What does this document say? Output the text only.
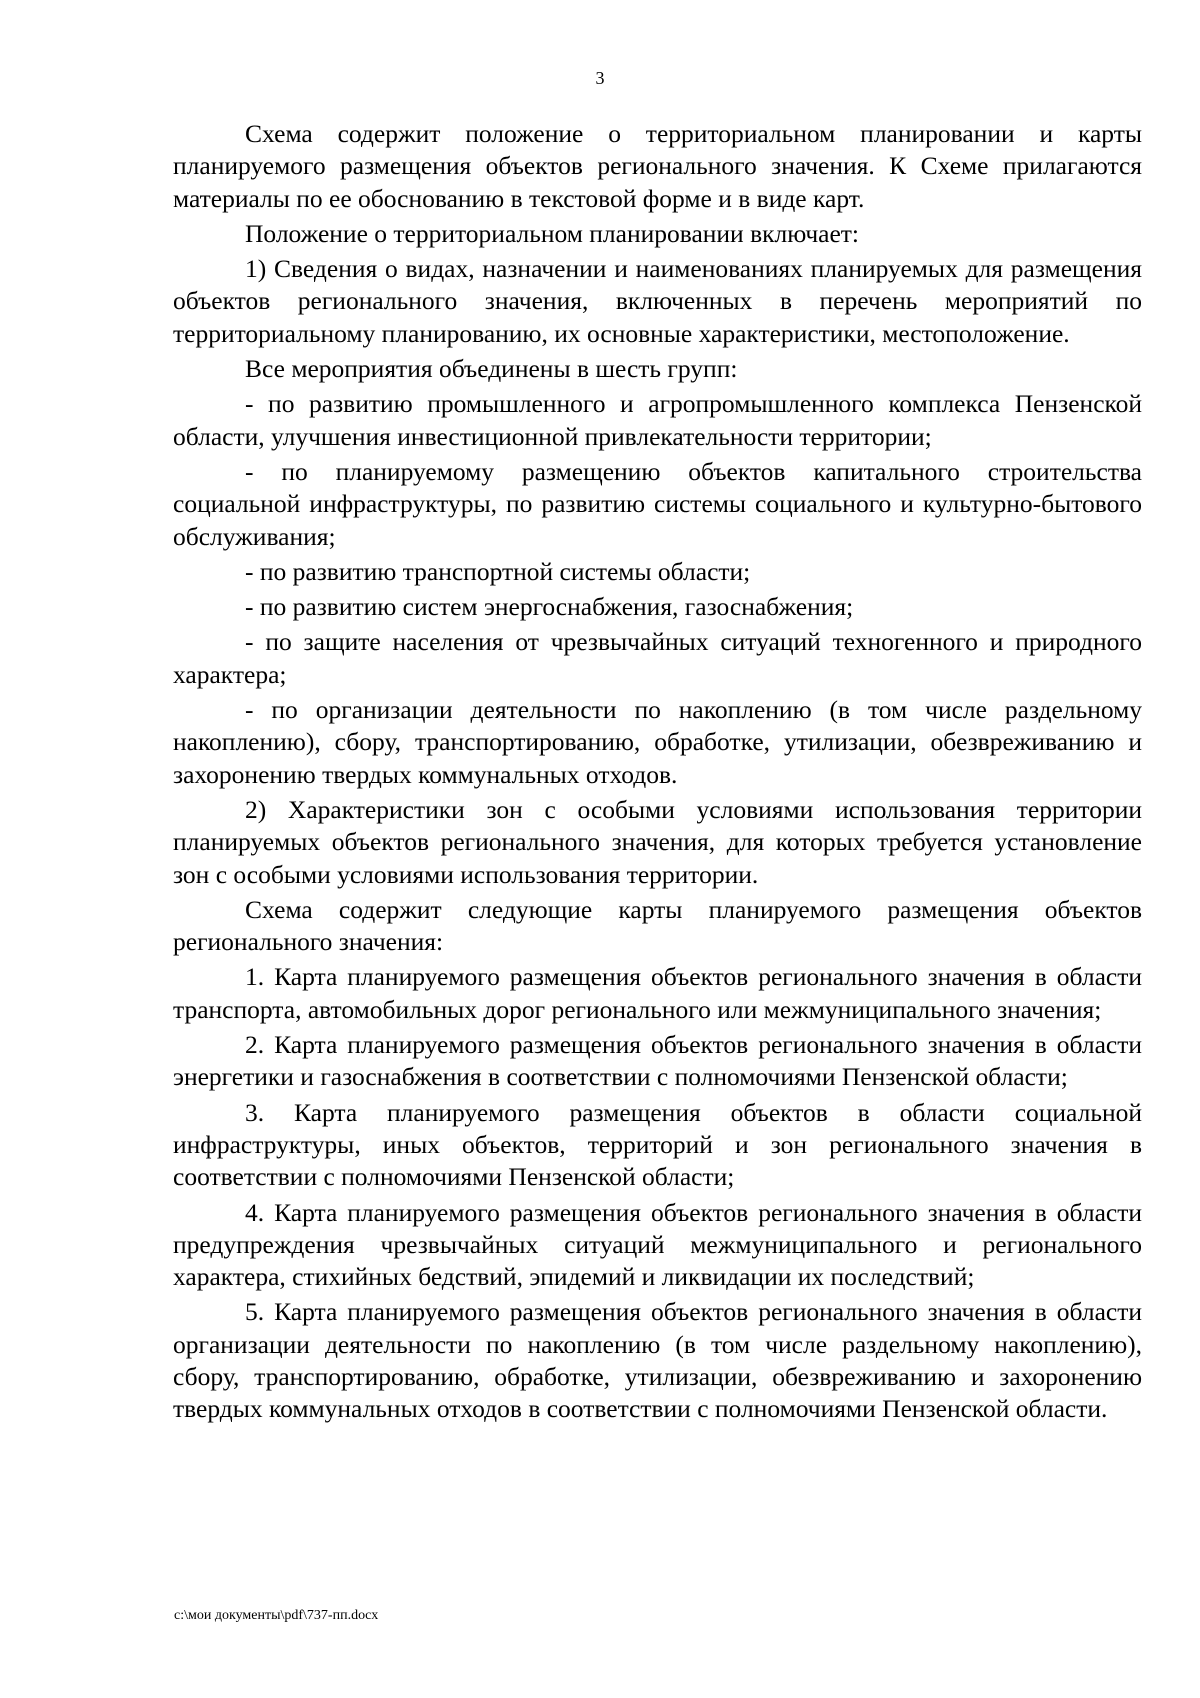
3

Схема содержит положение о территориальном планировании и карты планируемого размещения объектов регионального значения. К Схеме прилагаются материалы по ее обоснованию в текстовой форме и в виде карт.

Положение о территориальном планировании включает:

1) Сведения о видах, назначении и наименованиях планируемых для размещения объектов регионального значения, включенных в перечень мероприятий по территориальному планированию, их основные характеристики, местоположение.

Все мероприятия объединены в шесть групп:

- по развитию промышленного и агропромышленного комплекса Пензенской области, улучшения инвестиционной привлекательности территории;

- по планируемому размещению объектов капитального строительства социальной инфраструктуры, по развитию системы социального и культурно-бытового обслуживания;

- по развитию транспортной системы области;

- по развитию систем энергоснабжения, газоснабжения;

- по защите населения от чрезвычайных ситуаций техногенного и природного характера;

- по организации деятельности по накоплению (в том числе раздельному накоплению), сбору, транспортированию, обработке, утилизации, обезвреживанию и захоронению твердых коммунальных отходов.

2) Характеристики зон с особыми условиями использования территории планируемых объектов регионального значения, для которых требуется установление зон с особыми условиями использования территории.

Схема содержит следующие карты планируемого размещения объектов регионального значения:

1. Карта планируемого размещения объектов регионального значения в области транспорта, автомобильных дорог регионального или межмуниципального значения;

2. Карта планируемого размещения объектов регионального значения в области энергетики и газоснабжения в соответствии с полномочиями Пензенской области;

3. Карта планируемого размещения объектов в области социальной инфраструктуры, иных объектов, территорий и зон регионального значения в соответствии с полномочиями Пензенской области;

4. Карта планируемого размещения объектов регионального значения в области предупреждения чрезвычайных ситуаций межмуниципального и регионального характера, стихийных бедствий, эпидемий и ликвидации их последствий;

5. Карта планируемого размещения объектов регионального значения в области организации деятельности по накоплению (в том числе раздельному накоплению), сбору, транспортированию, обработке, утилизации, обезвреживанию и захоронению твердых коммунальных отходов в соответствии с полномочиями Пензенской области.

c:\мои документы\pdf\737-пп.docx
